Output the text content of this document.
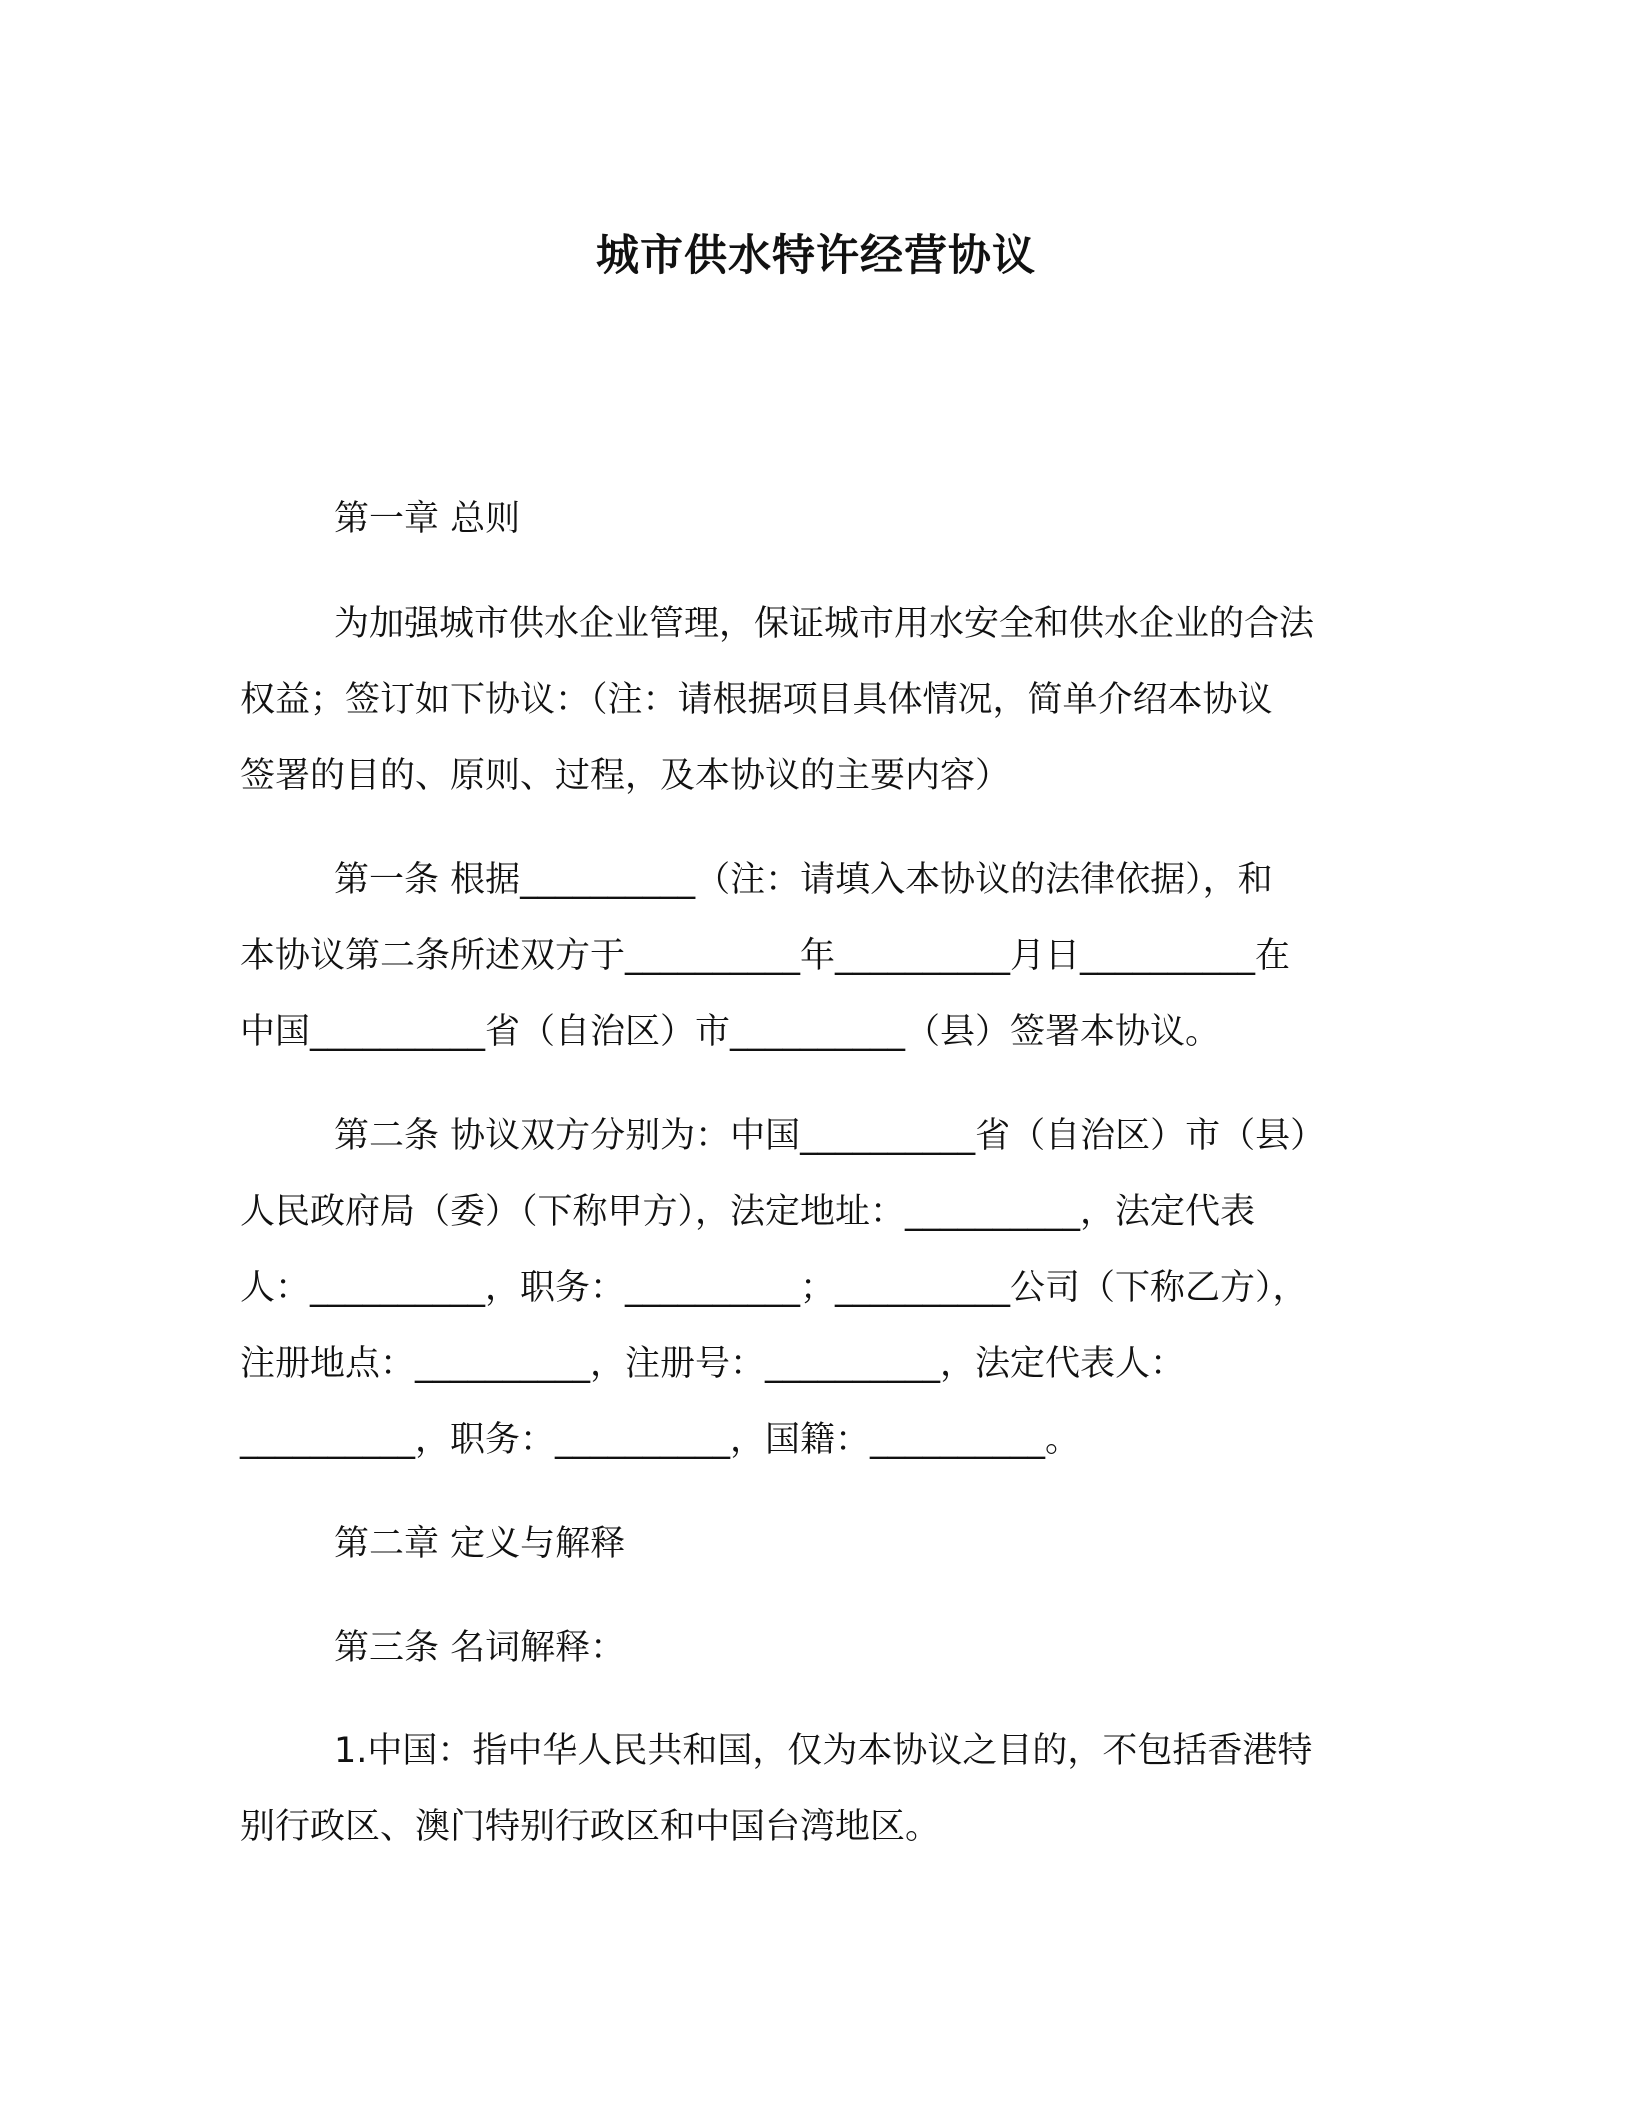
城市供水特许经营协议

第一章 总则

为加强城市供水企业管理，保证城市用水安全和供水企业的合法

权益；签订如下协议：（注：请根据项目具体情况，简单介绍本协议

签署的目的、原则、过程，及本协议的主要内容）

第一条 根据__________（注：请填入本协议的法律依据），和

本协议第二条所述双方于__________年__________月日__________在

中国__________省（自治区）市__________（县）签署本协议。

第二条 协议双方分别为：中国__________省（自治区）市（县）

人民政府局（委）（下称甲方），法定地址：__________，法定代表

人：__________，职务：__________；__________公司（下称乙方），

注册地点：__________，注册号：__________，法定代表人：

__________，职务：__________，国籍：__________。

第二章 定义与解释

第三条 名词解释：

1.中国：指中华人民共和国，仅为本协议之目的，不包括香港特

别行政区、澳门特别行政区和中国台湾地区。
